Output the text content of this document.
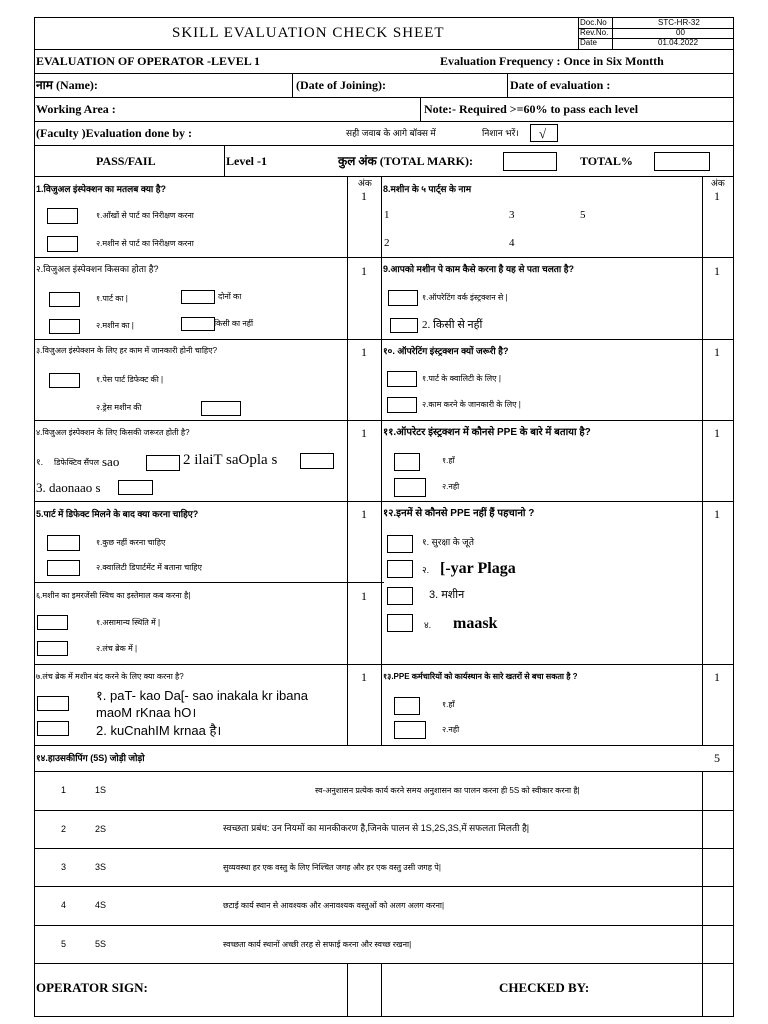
SKILL EVALUATION CHECK SHEET
Doc.No	STC-HR-32
Rev.No.	00
Date	01.04.2022
EVALUATION OF OPERATOR -LEVEL 1	Evaluation Frequency : Once in Six Montth
नाम (Name):	(Date of Joining):	Date of evaluation :
Working Area :	Note:- Required >=60% to pass each level
(Faculty )Evaluation done by :	सही जवाब के आगे बॉक्स में	निशान भरें। √
PASS/FAIL	Level -1	कुल अंक (TOTAL MARK):	TOTAL%
1.विजुअल इंस्पेक्शन का मतलब क्या है?
अंक
1
१.आँखों से पार्ट का निरीक्षण करना
२.मशीन से पार्ट का निरीक्षण करना
8.मशीन के ५ पार्ट्स के नाम
अंक
1
1	3	5
2	4
२.विजुअल इंस्पेक्शन किसका होता है?	1
१.पार्ट का |	दोनों का
२.मशीन का |	किसी का नहीं
9.आपको मशीन पे काम कैसे करना है यह से पता चलता है?	1
१.ऑपरेटिंग वर्क इंस्ट्रक्शन से |
2. किसी से नहीं
३.विजुअल इंस्पेक्शन के लिए हर काम में जानकारी होनी चाहिए?	1
१.पेस पार्ट डिफेक्ट की |
२.ड्रेस मशीन की
१०. ऑपरेटिंग इंस्ट्रक्शन क्यों जरूरी है?	1
१.पार्ट के क्वालिटी के लिए |
२.काम करने के जानकारी के लिए |
४.विजुअल इंस्पेक्शन के लिए किसकी जरूरत होती है?	1
१. डिफेक्टिव सैंपल sao	2 ilaiT saOpla s
3. daonaao s
११.ऑपरेटर इंस्ट्रक्शन में कौनसे PPE के बारे में बताया है?	1
१.हाँ
२.नही
5.पार्ट में डिफेक्ट मिलने के बाद क्या करना चाहिए?	1
१.कुछ नहीं करना चाहिए
२.क्वालिटी डिपार्टमेंट में बताना चाहिए
१२.इनमें से कौनसे PPE नहीं हैं पहचानो ?	1
१. सुरक्षा के जूते
२. [-yar Plaga
3. मशीन
४. maask
६.मशीन का इमरजेंसी स्विच का इस्तेमाल कब करना है|	1
१.असामान्य स्थिति में |
२.लंच ब्रेक में |
७.लंच ब्रेक में मशीन बंद करने के लिए क्या करना है?	1
१. paT- kao Da[- sao inakala kr ibana
maoM rKnaa hO।
2. kuCnahIM krnaa है।
१३.PPE कर्मचारियों को कार्यस्थान के सारे खतरों से बचा सकता है ?	1
१.हाँ
२.नही
१४.हाउसकीपिंग (5S) जोड़ी जोड़ो	5
1	1S	स्व-अनुशासन प्रत्येक कार्य करने समय अनुशासन का पालन करना ही 5S को स्वीकार करना है|
2	2S	स्वच्छता प्रबंध: उन नियमों का मानकीकरण है,जिनके पालन से 1S,2S,3S,में सफलता मिलती है|
3	3S	सुव्यवस्था हर एक वस्तु के लिए निश्चित जगह और हर एक वस्तु उसी जगह पे|
4	4S	छटाई कार्य स्थान से आवश्यक और अनावश्यक वस्तुओं को अलग अलग करना|
5	5S	स्वच्छता कार्य स्थानों अच्छी तरह से सफाई करना और स्वच्छ रखना|
OPERATOR SIGN:	CHECKED BY:
